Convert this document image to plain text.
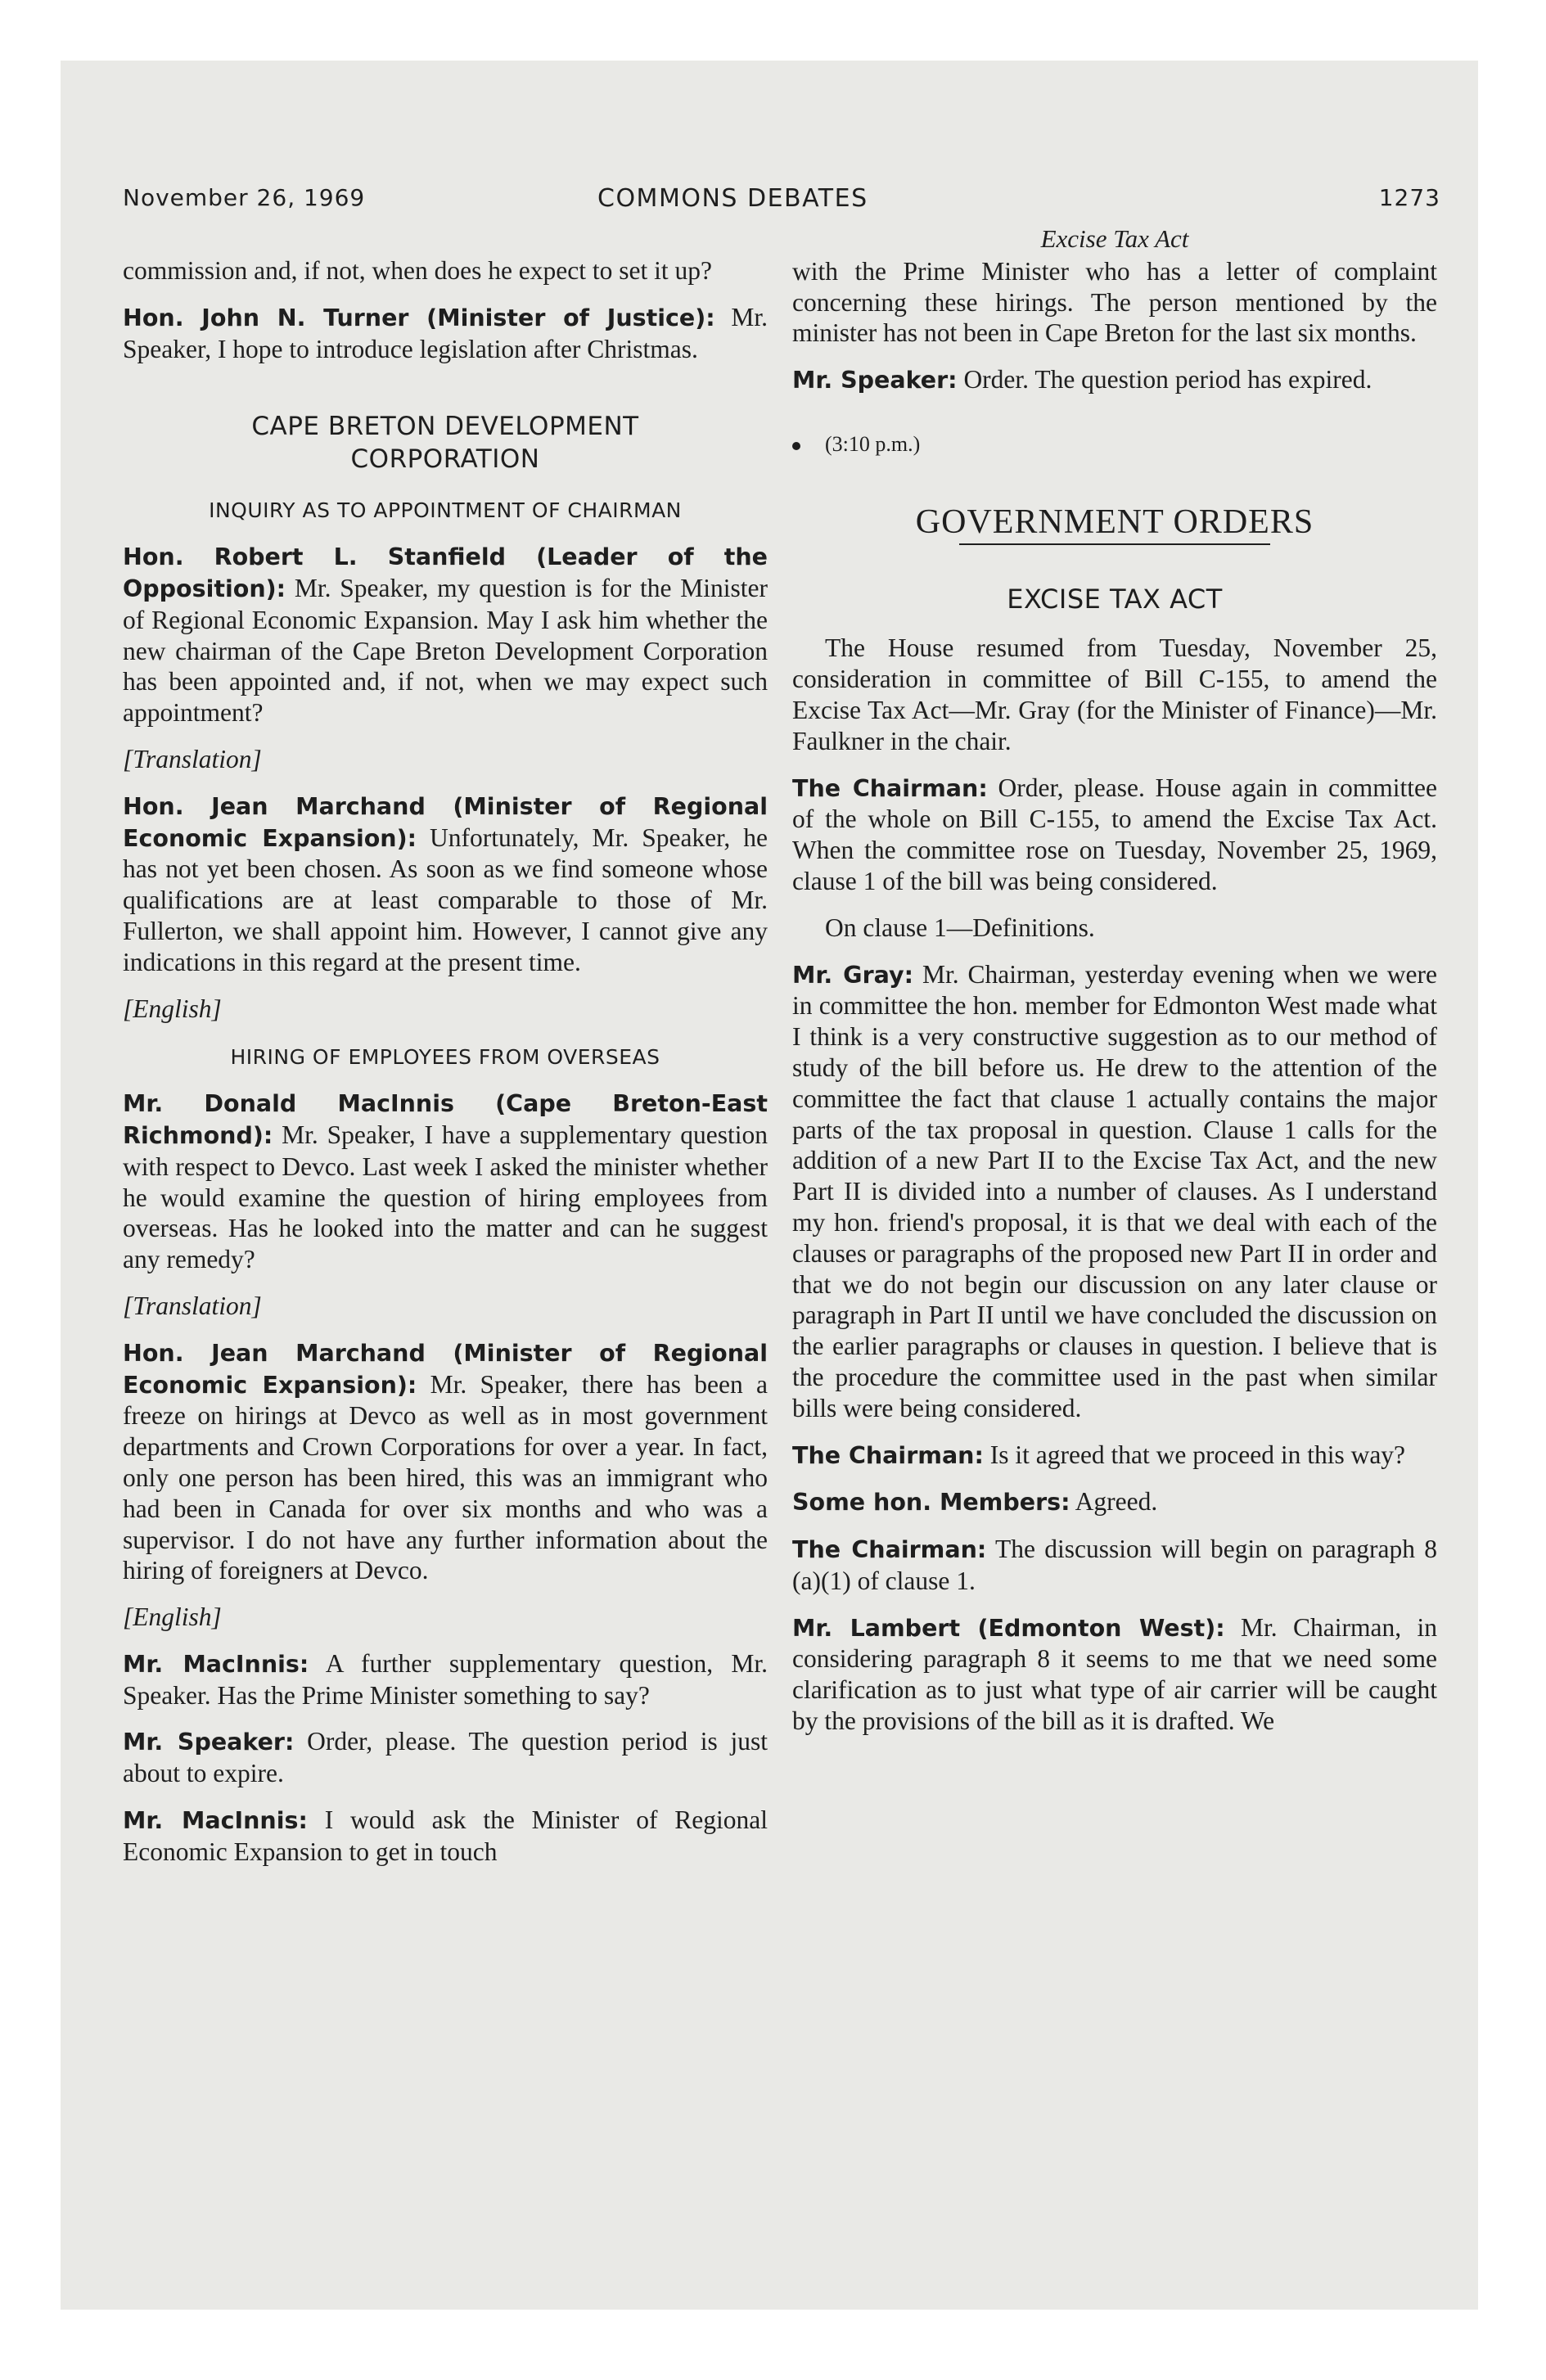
November 26, 1969	COMMONS DEBATES	1273

commission and, if not, when does he expect to set it up?

Hon. John N. Turner (Minister of Justice): Mr. Speaker, I hope to introduce legislation after Christmas.

CAPE BRETON DEVELOPMENT
CORPORATION
INQUIRY AS TO APPOINTMENT OF CHAIRMAN

Hon. Robert L. Stanfield (Leader of the Opposition): Mr. Speaker, my question is for the Minister of Regional Economic Expansion. May I ask him whether the new chairman of the Cape Breton Development Corporation has been appointed and, if not, when we may expect such appointment?

[Translation]

Hon. Jean Marchand (Minister of Regional Economic Expansion): Unfortunately, Mr. Speaker, he has not yet been chosen. As soon as we find someone whose qualifications are at least comparable to those of Mr. Fullerton, we shall appoint him. However, I cannot give any indications in this regard at the present time.

[English]
HIRING OF EMPLOYEES FROM OVERSEAS

Mr. Donald MacInnis (Cape Breton-East Richmond): Mr. Speaker, I have a supplementary question with respect to Devco. Last week I asked the minister whether he would examine the question of hiring employees from overseas. Has he looked into the matter and can he suggest any remedy?

[Translation]

Hon. Jean Marchand (Minister of Regional Economic Expansion): Mr. Speaker, there has been a freeze on hirings at Devco as well as in most government departments and Crown Corporations for over a year. In fact, only one person has been hired, this was an immigrant who had been in Canada for over six months and who was a supervisor. I do not have any further information about the hiring of foreigners at Devco.

[English]

Mr. MacInnis: A further supplementary question, Mr. Speaker. Has the Prime Minister something to say?

Mr. Speaker: Order, please. The question period is just about to expire.

Mr. MacInnis: I would ask the Minister of Regional Economic Expansion to get in touch

Excise Tax Act

with the Prime Minister who has a letter of complaint concerning these hirings. The person mentioned by the minister has not been in Cape Breton for the last six months.

Mr. Speaker: Order. The question period has expired.

(3:10 p.m.)
GOVERNMENT ORDERS
EXCISE TAX ACT

The House resumed from Tuesday, November 25, consideration in committee of Bill C-155, to amend the Excise Tax Act—Mr. Gray (for the Minister of Finance)—Mr. Faulkner in the chair.

The Chairman: Order, please. House again in committee of the whole on Bill C-155, to amend the Excise Tax Act. When the committee rose on Tuesday, November 25, 1969, clause 1 of the bill was being considered.

On clause 1—Definitions.

Mr. Gray: Mr. Chairman, yesterday evening when we were in committee the hon. member for Edmonton West made what I think is a very constructive suggestion as to our method of study of the bill before us. He drew to the attention of the committee the fact that clause 1 actually contains the major parts of the tax proposal in question. Clause 1 calls for the addition of a new Part II to the Excise Tax Act, and the new Part II is divided into a number of clauses. As I understand my hon. friend's proposal, it is that we deal with each of the clauses or paragraphs of the proposed new Part II in order and that we do not begin our discussion on any later clause or paragraph in Part II until we have concluded the discussion on the earlier paragraphs or clauses in question. I believe that is the procedure the committee used in the past when similar bills were being considered.

The Chairman: Is it agreed that we proceed in this way?

Some hon. Members: Agreed.

The Chairman: The discussion will begin on paragraph 8 (a)(1) of clause 1.

Mr. Lambert (Edmonton West): Mr. Chairman, in considering paragraph 8 it seems to me that we need some clarification as to just what type of air carrier will be caught by the provisions of the bill as it is drafted. We
